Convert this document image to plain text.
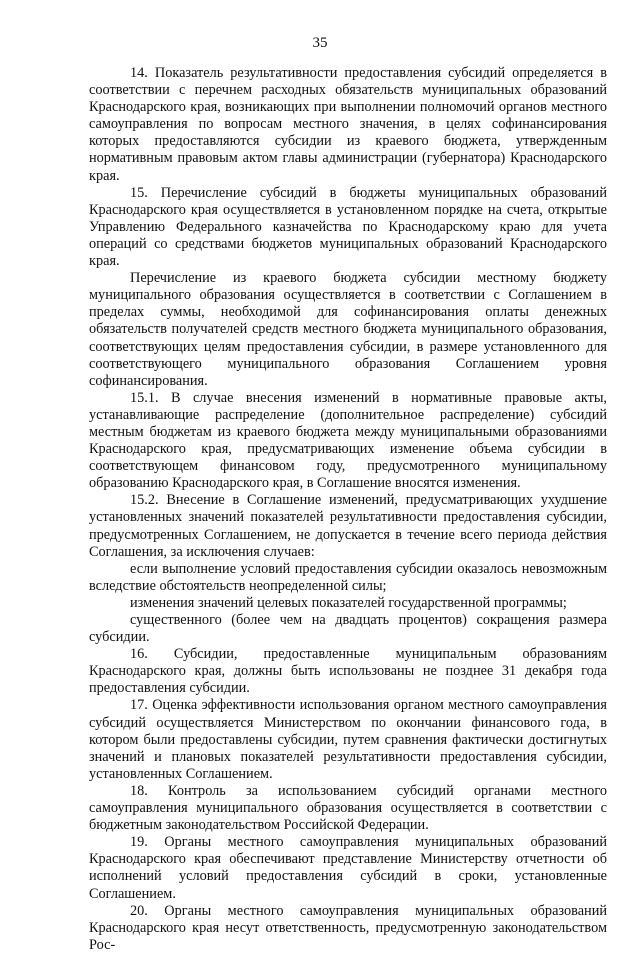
35

14. Показатель результативности предоставления субсидий определяется в соответствии с перечнем расходных обязательств муниципальных образований Краснодарского края, возникающих при выполнении полномочий органов местного самоуправления по вопросам местного значения, в целях софинансирования которых предоставляются субсидии из краевого бюджета, утвержденным нормативным правовым актом главы администрации (губернатора) Краснодарского края.

15. Перечисление субсидий в бюджеты муниципальных образований Краснодарского края осуществляется в установленном порядке на счета, открытые Управлению Федерального казначейства по Краснодарскому краю для учета операций со средствами бюджетов муниципальных образований Краснодарского края.

Перечисление из краевого бюджета субсидии местному бюджету муниципального образования осуществляется в соответствии с Соглашением в пределах суммы, необходимой для софинансирования оплаты денежных обязательств получателей средств местного бюджета муниципального образования, соответствующих целям предоставления субсидии, в размере установленного для соответствующего муниципального образования Соглашением уровня софинансирования.

15.1. В случае внесения изменений в нормативные правовые акты, устанавливающие распределение (дополнительное распределение) субсидий местным бюджетам из краевого бюджета между муниципальными образованиями Краснодарского края, предусматривающих изменение объема субсидии в соответствующем финансовом году, предусмотренного муниципальному образованию Краснодарского края, в Соглашение вносятся изменения.

15.2. Внесение в Соглашение изменений, предусматривающих ухудшение установленных значений показателей результативности предоставления субсидии, предусмотренных Соглашением, не допускается в течение всего периода действия Соглашения, за исключения случаев:

если выполнение условий предоставления субсидии оказалось невозможным вследствие обстоятельств неопределенной силы;

изменения значений целевых показателей государственной программы;

существенного (более чем на двадцать процентов) сокращения размера субсидии.

16. Субсидии, предоставленные муниципальным образованиям Краснодарского края, должны быть использованы не позднее 31 декабря года предоставления субсидии.

17. Оценка эффективности использования органом местного самоуправления субсидий осуществляется Министерством по окончании финансового года, в котором были предоставлены субсидии, путем сравнения фактически достигнутых значений и плановых показателей результативности предоставления субсидии, установленных Соглашением.

18. Контроль за использованием субсидий органами местного самоуправления муниципального образования осуществляется в соответствии с бюджетным законодательством Российской Федерации.

19. Органы местного самоуправления муниципальных образований Краснодарского края обеспечивают представление Министерству отчетности об исполнений условий предоставления субсидий в сроки, установленные Соглашением.

20. Органы местного самоуправления муниципальных образований Краснодарского края несут ответственность, предусмотренную законодательством Рос-
